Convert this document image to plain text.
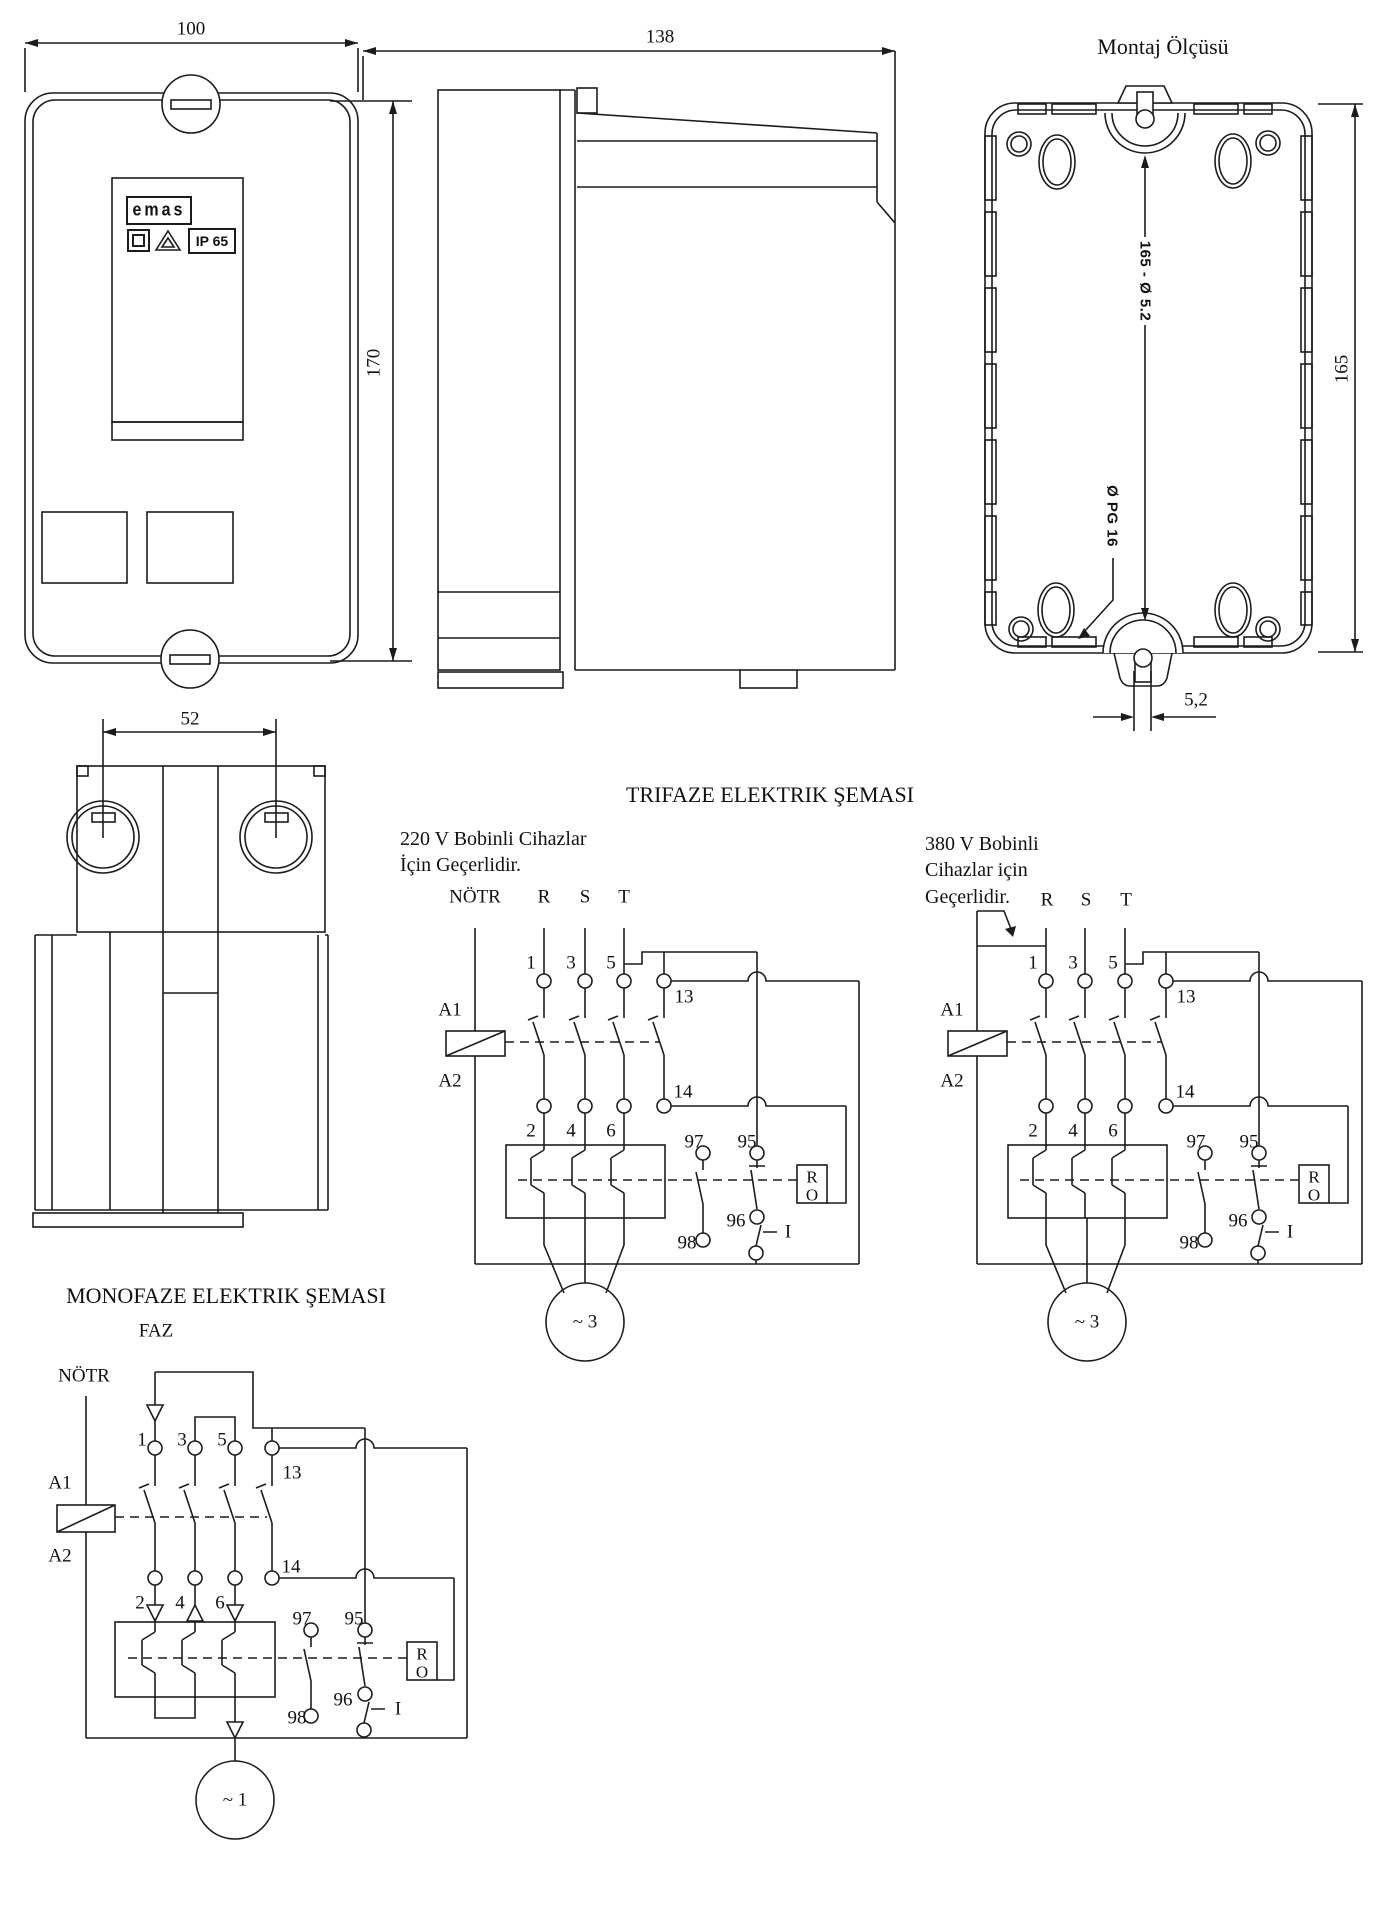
100	138
170
Montaj Ölçüsü
165 - Ø 5.2
Ø PG 16
165
5,2
52
emas
IP 65
TRIFAZE ELEKTRIK ŞEMASI
220 V Bobinli Cihazlar
İçin Geçerlidir.
380 V Bobinli
Cihazlar için
Geçerlidir.
NÖTR R S T
A1
A2
1 3 5
2 4 6
13
14
97
98
95
96
R
O
I
~ 3
R S T
A1
A2
1 3 5
2 4 6
13
14
97
98
95
96
R
O
I
~ 3
MONOFAZE ELEKTRIK ŞEMASI
FAZ
NÖTR
A1
A2
1 3 5
2 4 6
13
14
97
98
95
96
R
O
I
~ 1
